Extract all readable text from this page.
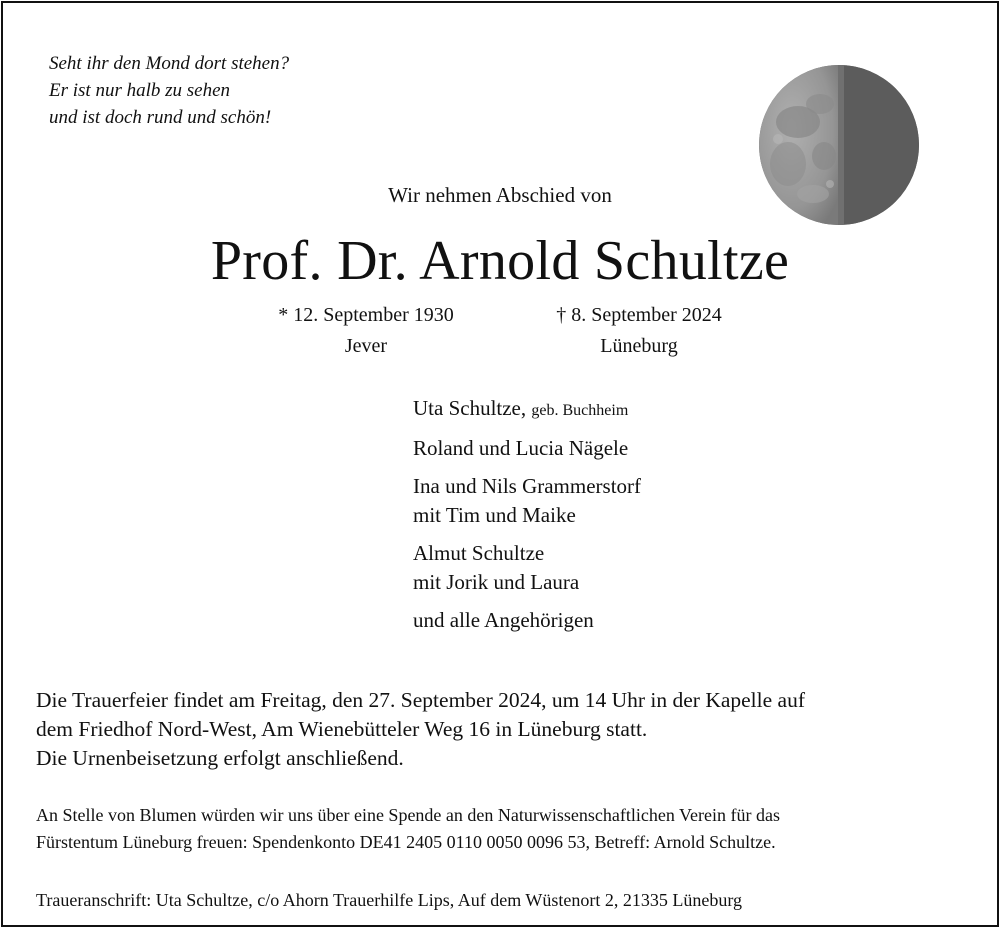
Seht ihr den Mond dort stehen?
Er ist nur halb zu sehen
und ist doch rund und schön!
Wir nehmen Abschied von
Prof. Dr. Arnold Schultze
* 12. September 1930
Jever
† 8. September 2024
Lüneburg
Uta Schultze, geb. Buchheim
Roland und Lucia Nägele
Ina und Nils Grammerstorf
mit Tim und Maike
Almut Schultze
mit Jorik und Laura
und alle Angehörigen
Die Trauerfeier findet am Freitag, den 27. September 2024, um 14 Uhr in der Kapelle auf
dem Friedhof Nord-West, Am Wienebütteler Weg 16 in Lüneburg statt.
Die Urnenbeisetzung erfolgt anschließend.
An Stelle von Blumen würden wir uns über eine Spende an den Naturwissenschaftlichen Verein für das
Fürstentum Lüneburg freuen: Spendenkonto DE41 2405 0110 0050 0096 53, Betreff: Arnold Schultze.
Traueranschrift: Uta Schultze, c/o Ahorn Trauerhilfe Lips, Auf dem Wüstenort 2, 21335 Lüneburg
